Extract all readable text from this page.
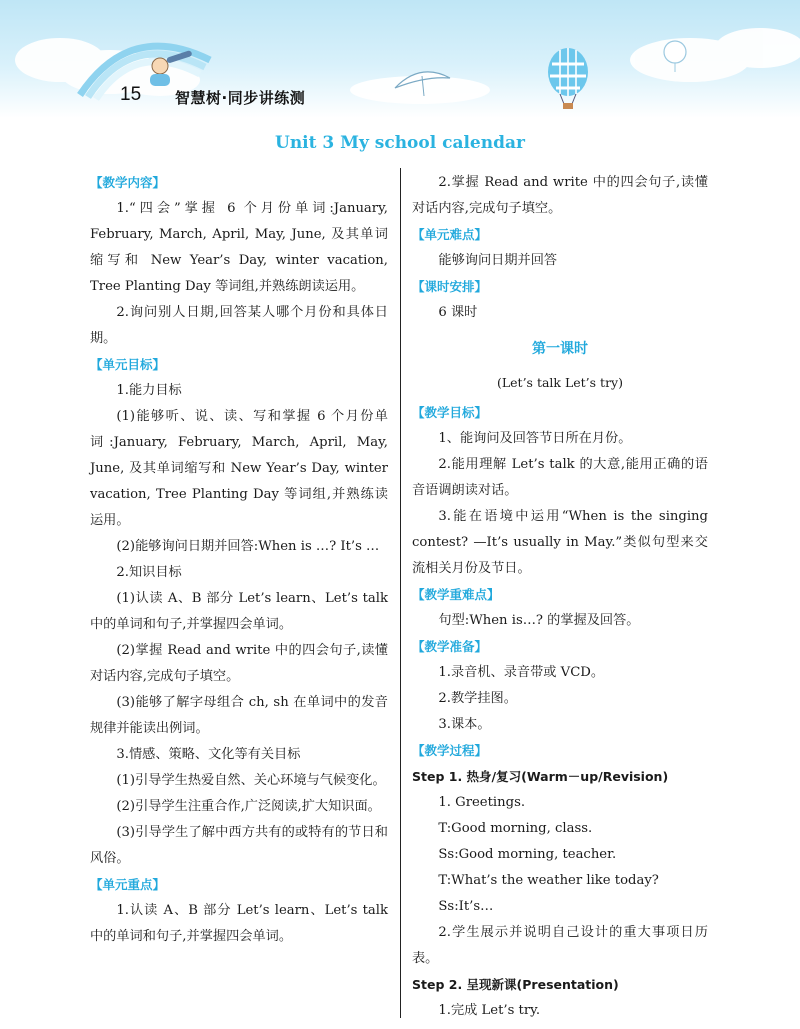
15 智慧树·同步讲练测
Unit 3 My school calendar

【教学内容】

1.“四会”掌握 6 个月份单词:January, February, March, April, May, June, 及其单词缩写和 New Year’s Day, winter vacation, Tree Planting Day 等词组,并熟练朗读运用。

2.询问别人日期,回答某人哪个月份和具体日期。

【单元目标】

1.能力目标

(1)能够听、说、读、写和掌握 6 个月份单词:January, February, March, April, May, June, 及其单词缩写和 New Year’s Day, winter vacation, Tree Planting Day 等词组,并熟练读运用。

(2)能够询问日期并回答:When is …? It’s …

2.知识目标

(1)认读 A、B 部分 Let’s learn、Let’s talk 中的单词和句子,并掌握四会单词。

(2)掌握 Read and write 中的四会句子,读懂对话内容,完成句子填空。

(3)能够了解字母组合 ch, sh 在单词中的发音规律并能读出例词。

3.情感、策略、文化等有关目标

(1)引导学生热爱自然、关心环境与气候变化。

(2)引导学生注重合作,广泛阅读,扩大知识面。

(3)引导学生了解中西方共有的或特有的节日和风俗。

【单元重点】

1.认读 A、B 部分 Let’s learn、Let’s talk 中的单词和句子,并掌握四会单词。

2.掌握 Read and write 中的四会句子,读懂对话内容,完成句子填空。

【单元难点】

能够询问日期并回答

【课时安排】

6 课时

第一课时

(Let’s talk Let’s try)

【教学目标】

1、能询问及回答节日所在月份。

2.能用理解 Let’s talk 的大意,能用正确的语音语调朗读对话。

3.能在语境中运用“When is the singing contest? —It’s usually in May.”类似句型来交流相关月份及节日。

【教学重难点】

句型:When is…? 的掌握及回答。

【教学准备】

1.录音机、录音带或 VCD。

2.教学挂图。

3.课本。

【教学过程】

Step 1. 热身/复习(Warm－up/Revision)

1. Greetings.

T:Good morning, class.

Ss:Good morning, teacher.

T:What’s the weather like today?

Ss:It’s…

2.学生展示并说明自己设计的重大事项日历表。

Step 2. 呈现新课(Presentation)

1.完成 Let’s try.
